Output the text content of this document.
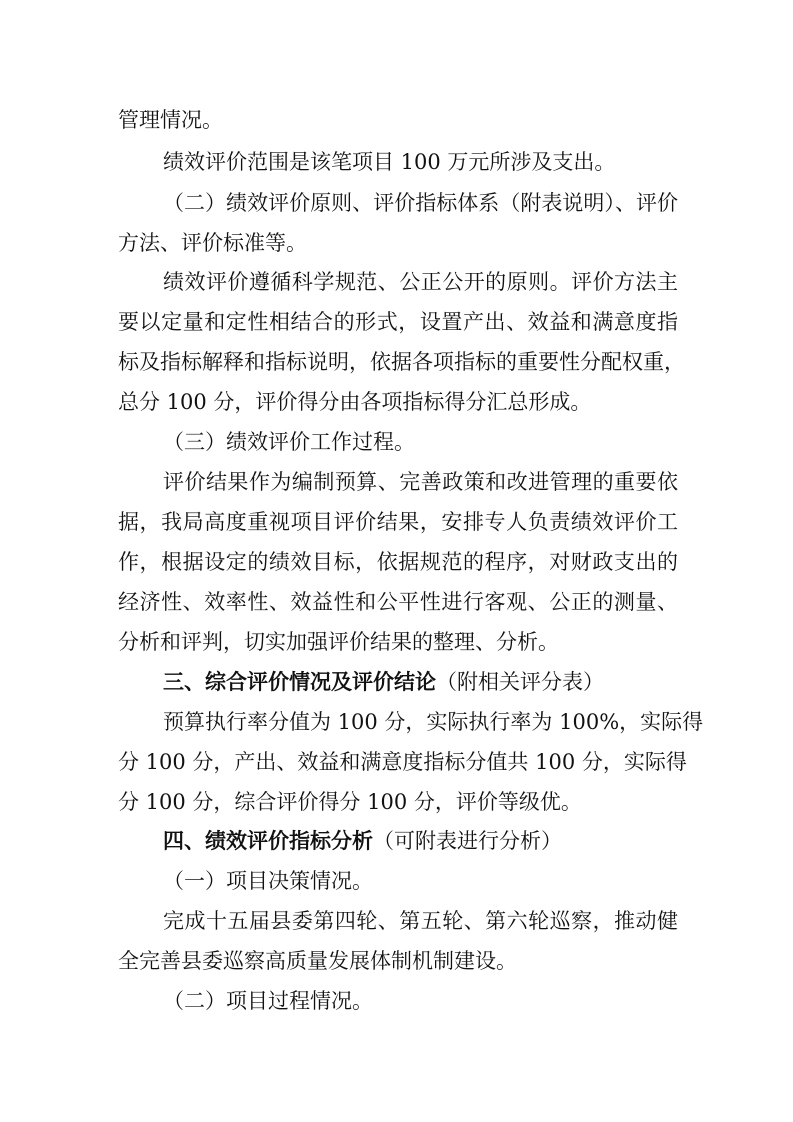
管理情况。
绩效评价范围是该笔项目 100 万元所涉及支出。
（二）绩效评价原则、评价指标体系（附表说明）、评价
方法、评价标准等。
绩效评价遵循科学规范、公正公开的原则。评价方法主
要以定量和定性相结合的形式，设置产出、效益和满意度指
标及指标解释和指标说明，依据各项指标的重要性分配权重，
总分 100 分，评价得分由各项指标得分汇总形成。
（三）绩效评价工作过程。
评价结果作为编制预算、完善政策和改进管理的重要依
据，我局高度重视项目评价结果，安排专人负责绩效评价工
作，根据设定的绩效目标，依据规范的程序，对财政支出的
经济性、效率性、效益性和公平性进行客观、公正的测量、
分析和评判，切实加强评价结果的整理、分析。
三、综合评价情况及评价结论（附相关评分表）
预算执行率分值为 100 分，实际执行率为 100%，实际得
分 100 分，产出、效益和满意度指标分值共 100 分，实际得
分 100 分，综合评价得分 100 分，评价等级优。
四、绩效评价指标分析（可附表进行分析）
（一）项目决策情况。
完成十五届县委第四轮、第五轮、第六轮巡察，推动健
全完善县委巡察高质量发展体制机制建设。
（二）项目过程情况。
